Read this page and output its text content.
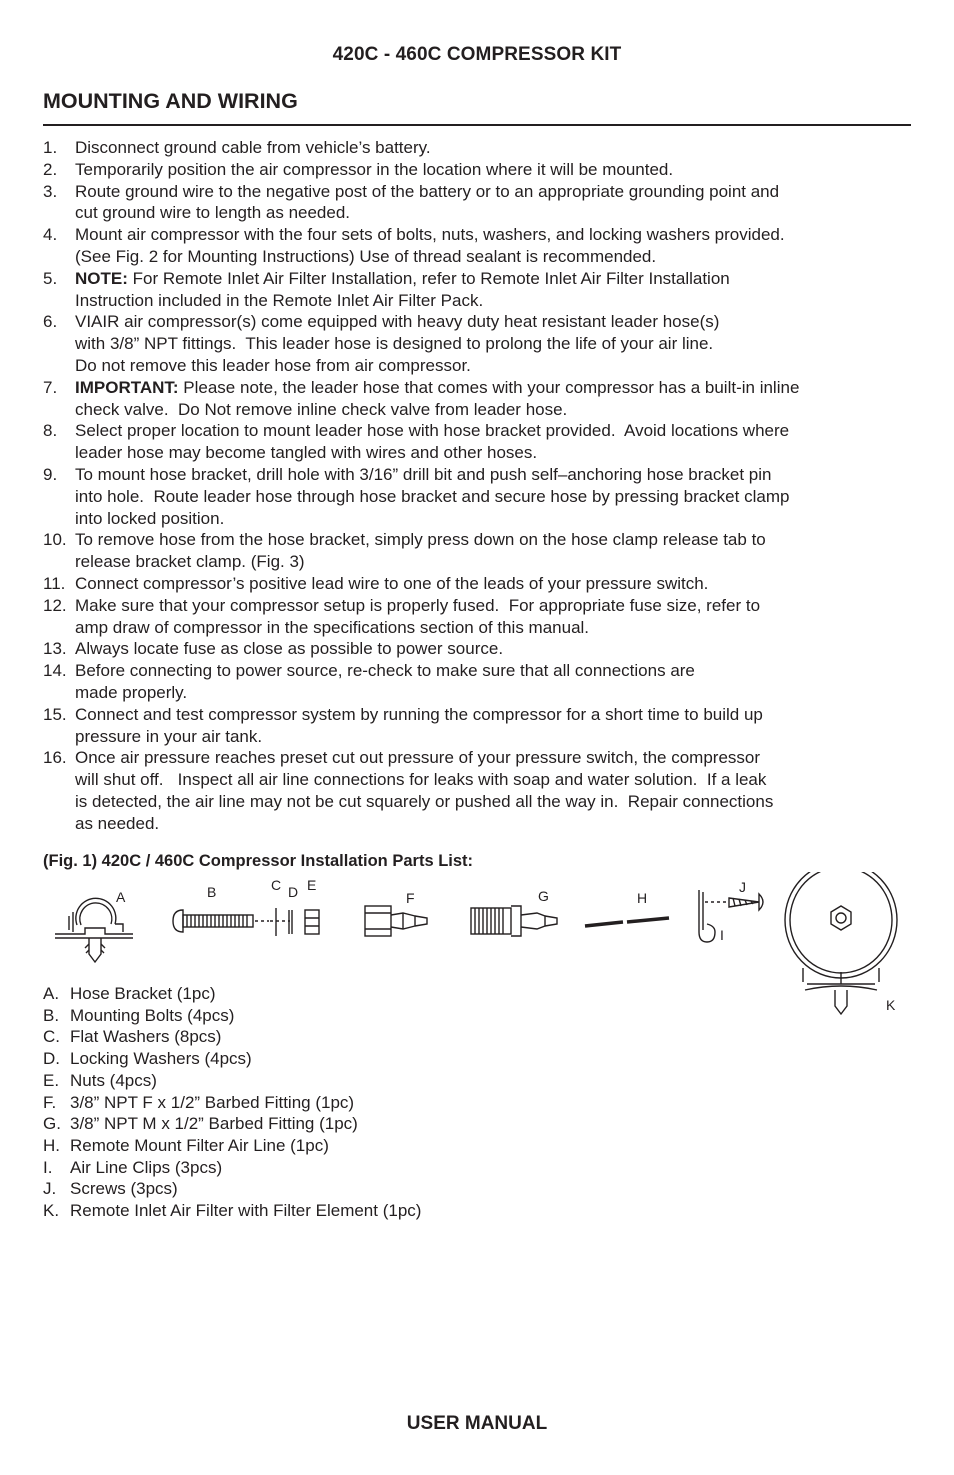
420C - 460C COMPRESSOR KIT
MOUNTING AND WIRING
1.	Disconnect ground cable from vehicle’s battery.
2.	Temporarily position the air compressor in the location where it will be mounted.
3.	Route ground wire to the negative post of the battery or to an appropriate grounding point and
cut ground wire to length as needed.
4.	Mount air compressor with the four sets of bolts, nuts, washers, and locking washers provided.
(See Fig. 2 for Mounting Instructions) Use of thread sealant is recommended.
5.	NOTE: For Remote Inlet Air Filter Installation, refer to Remote Inlet Air Filter Installation
Instruction included in the Remote Inlet Air Filter Pack.
6.	VIAIR air compressor(s) come equipped with heavy duty heat resistant leader hose(s)
with 3/8” NPT fittings.  This leader hose is designed to prolong the life of your air line.
Do not remove this leader hose from air compressor.
7.	IMPORTANT: Please note, the leader hose that comes with your compressor has a built-in inline
check valve.  Do Not remove inline check valve from leader hose.
8.	Select proper location to mount leader hose with hose bracket provided.  Avoid locations where
leader hose may become tangled with wires and other hoses.
9.	To mount hose bracket, drill hole with 3/16” drill bit and push self–anchoring hose bracket pin
into hole.  Route leader hose through hose bracket and secure hose by pressing bracket clamp
into locked position.
10. To remove hose from the hose bracket, simply press down on the hose clamp release tab to
release bracket clamp. (Fig. 3)
11. Connect compressor’s positive lead wire to one of the leads of your pressure switch.
12. Make sure that your compressor setup is properly fused.  For appropriate fuse size, refer to
amp draw of compressor in the specifications section of this manual.
13. Always locate fuse as close as possible to power source.
14. Before connecting to power source, re-check to make sure that all connections are
made properly.
15. Connect and test compressor system by running the compressor for a short time to build up
pressure in your air tank.
16. Once air pressure reaches preset cut out pressure of your pressure switch, the compressor
will shut off.   Inspect all air line connections for leaks with soap and water solution.  If a leak
is detected, the air line may not be cut squarely or pushed all the way in.  Repair connections
as needed.
(Fig. 1) 420C / 460C Compressor Installation Parts List:
A	B	C D E
F	G	H
J
I
K
A. Hose Bracket (1pc)
B. Mounting Bolts (4pcs)
C. Flat Washers (8pcs)
D. Locking Washers (4pcs)
E. Nuts (4pcs)
F. 3/8” NPT F x 1/2” Barbed Fitting (1pc)
G. 3/8” NPT M x 1/2” Barbed Fitting (1pc)
H. Remote Mount Filter Air Line (1pc)
I.	Air Line Clips (3pcs)
J. Screws (3pcs)
K. Remote Inlet Air Filter with Filter Element (1pc)
USER MANUAL
